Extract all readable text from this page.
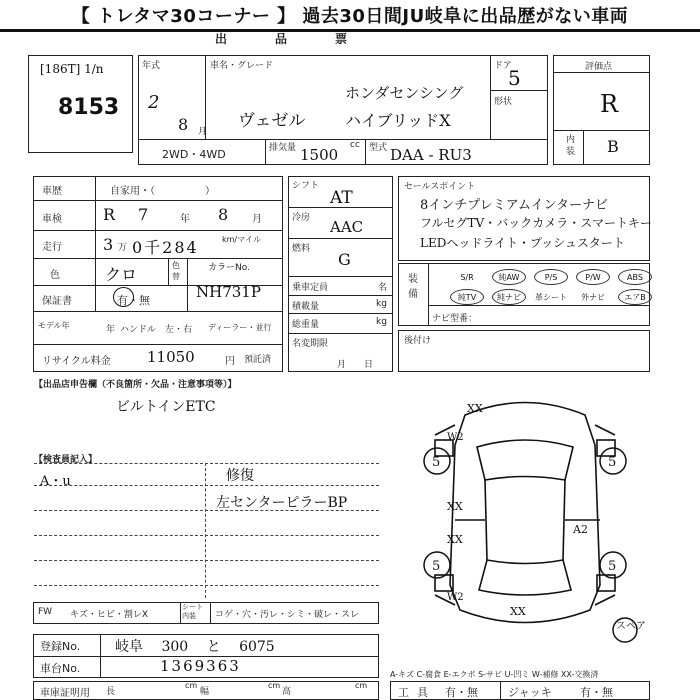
【 トレタマ30コーナー 】 過去30日間JU岐阜に出品歴がない車両
出　品　票
[186T] 1/n
8153
年式
2
8 月
車名・グレード
ホンダセンシング
ヴェゼル ハイブリッドX
ドア
5
形状
2WD・4WD	排気量 1500
cc 型式 DAA - RU3
評価点
R
内装 B
車歴	自家用・（　　　　　）
車検	R 7	年 8 月
走行	3 万 0千284	km/マイル
色	クロ	色替
カラーNo.
NH731P
保証書	有・無
モデル年	年 ハンドル　左・右 ディーラー・並行
リサイクル料金 11050	円 預託済
シフト
AT
冷房 AAC
燃料
G
乗車定員	名
積載量	kg
総重量	kg
名変期限
月　　日
セールスポイント
8インチプレミアムインターナビ
フルセグTV・バックカメラ・スマートキー
LEDヘッドライト・プッシュスタート
装備
S/R	純AW	P/S	P/W	ABS
純TV	純ナビ	革シート	外ナビ	エアB
ナビ型番：
後付け
【出品店申告欄（不良箇所・欠品・注意事項等）】
ビルトインETC
【検査員記入】
A・u	修復
左センターピラーBP
FW キズ・ヒビ・割レX
シート内装	コゲ・穴・汚レ・シミ・破レ・スレ
登録No. 岐阜 300 と 6075
車台No.	1369363
車庫証明用 長
cm
幅
cm
高
cm
A-キズ C-腐食 E-エクボ S-サビ U-凹ミ W-補修 XX-交換済
工具 有・無	ジャッキ	有・無
5	5
5	5
A2
W2
W2
XX
XX
XX
XX
スペア
